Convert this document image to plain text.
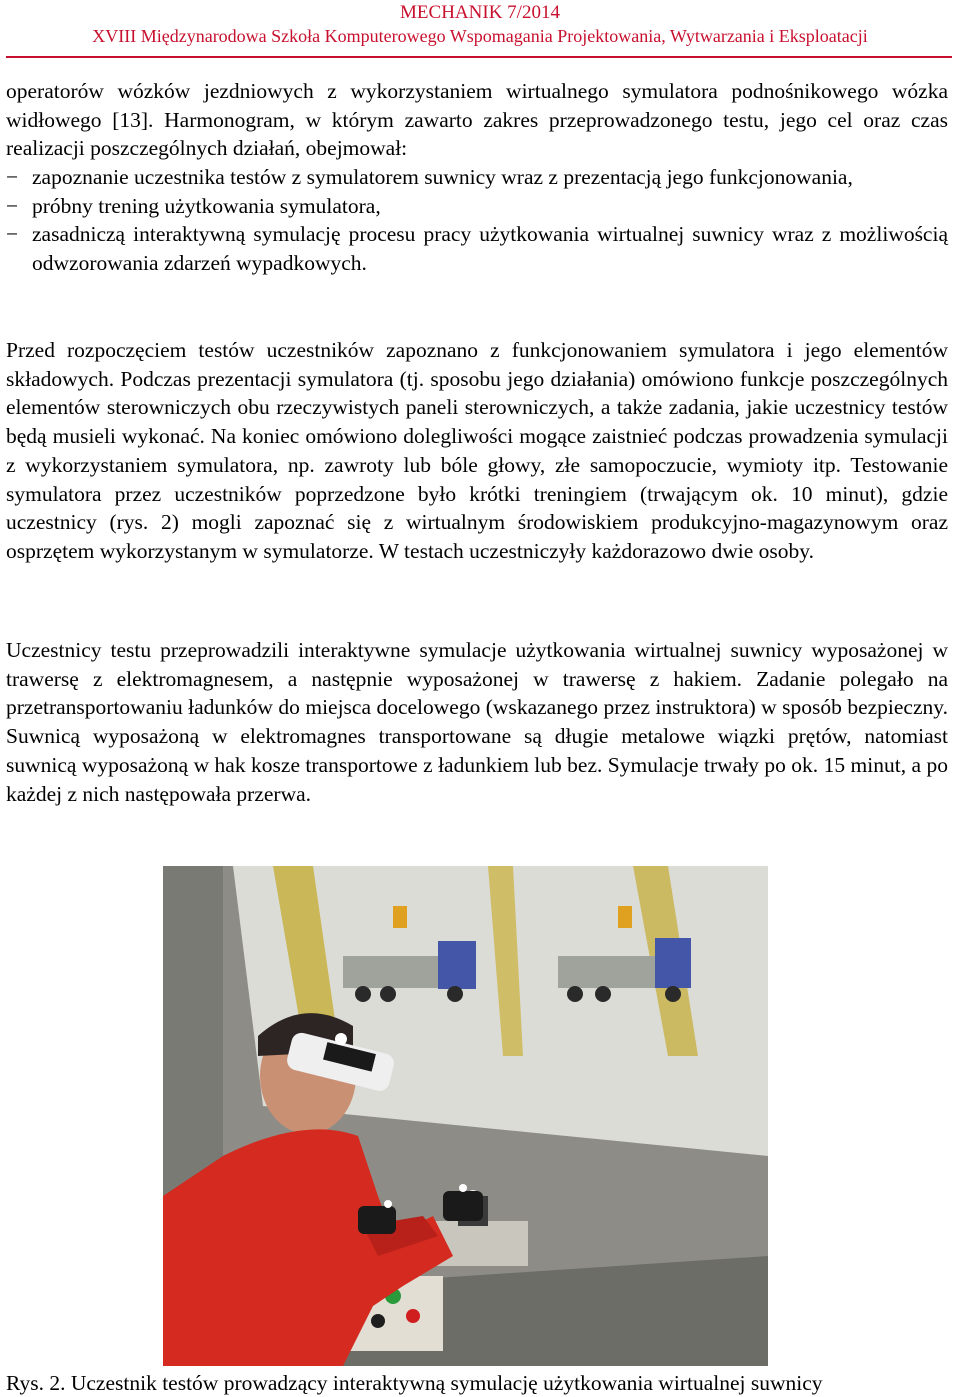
MECHANIK 7/2014
XVIII Międzynarodowa Szkoła Komputerowego Wspomagania Projektowania, Wytwarzania i Eksploatacji
operatorów wózków jezdniowych z wykorzystaniem wirtualnego symulatora podnośnikowego wózka widłowego [13]. Harmonogram, w którym zawarto zakres przeprowadzonego testu, jego cel oraz czas realizacji poszczególnych działań, obejmował:
− zapoznanie uczestnika testów z symulatorem suwnicy wraz z prezentacją jego funkcjonowania,
− próbny trening użytkowania symulatora,
− zasadniczą interaktywną symulację procesu pracy użytkowania wirtualnej suwnicy wraz z możliwością odwzorowania zdarzeń wypadkowych.
Przed rozpoczęciem testów uczestników zapoznano z funkcjonowaniem symulatora i jego elementów składowych. Podczas prezentacji symulatora (tj. sposobu jego działania) omówiono funkcje poszczególnych elementów sterowniczych obu rzeczywistych paneli sterowniczych, a także zadania, jakie uczestnicy testów będą musieli wykonać. Na koniec omówiono dolegliwości mogące zaistnieć podczas prowadzenia symulacji z wykorzystaniem symulatora, np. zawroty lub bóle głowy, złe samopoczucie, wymioty itp. Testowanie symulatora przez uczestników poprzedzone było krótki treningiem (trwającym ok. 10 minut), gdzie uczestnicy (rys. 2) mogli zapoznać się z wirtualnym środowiskiem produkcyjno-magazynowym oraz osprzętem wykorzystanym w symulatorze. W testach uczestniczyły każdorazowo dwie osoby.
Uczestnicy testu przeprowadzili interaktywne symulacje użytkowania wirtualnej suwnicy wyposażonej w trawersę z elektromagnesem, a następnie wyposażonej w trawersę z hakiem. Zadanie polegało na przetransportowaniu ładunków do miejsca docelowego (wskazanego przez instruktora) w sposób bezpieczny. Suwnicą wyposażoną w elektromagnes transportowane są długie metalowe wiązki prętów, natomiast suwnicą wyposażoną w hak kosze transportowe z ładunkiem lub bez. Symulacje trwały po ok. 15 minut, a po każdej z nich następowała przerwa.
Rys. 2. Uczestnik testów prowadzący interaktywną symulację użytkowania wirtualnej suwnicy
